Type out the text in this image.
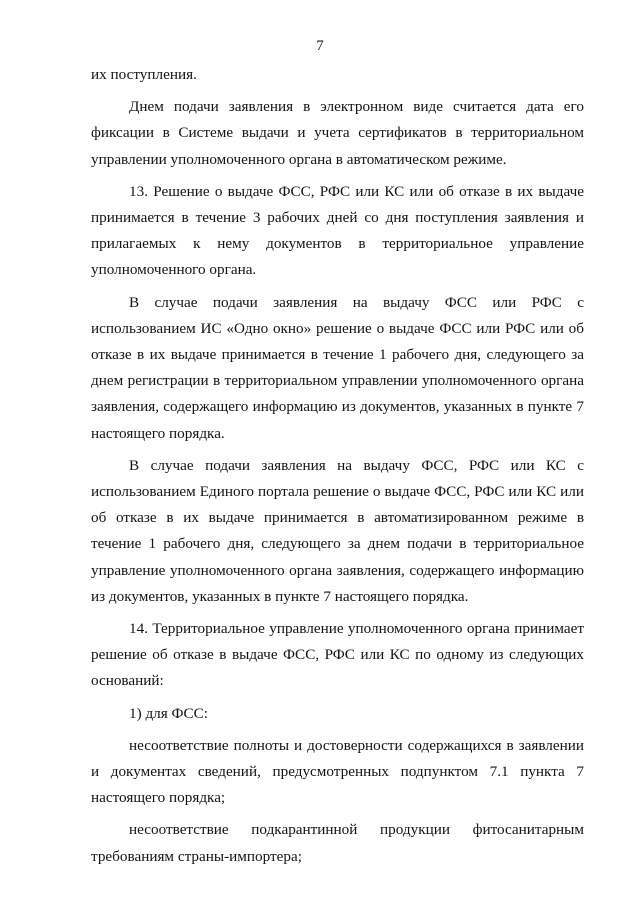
7

их поступления.

Днем подачи заявления в электронном виде считается дата его фиксации в Системе выдачи и учета сертификатов в территориальном управлении уполномоченного органа в автоматическом режиме.

13. Решение о выдаче ФСС, РФС или КС или об отказе в их выдаче принимается в течение 3 рабочих дней со дня поступления заявления и прилагаемых к нему документов в территориальное управление уполномоченного органа.

В случае подачи заявления на выдачу ФСС или РФС с использованием ИС «Одно окно» решение о выдаче ФСС или РФС или об отказе в их выдаче принимается в течение 1 рабочего дня, следующего за днем регистрации в территориальном управлении уполномоченного органа заявления, содержащего информацию из документов, указанных в пункте 7 настоящего порядка.

В случае подачи заявления на выдачу ФСС, РФС или КС с использованием Единого портала решение о выдаче ФСС, РФС или КС или об отказе в их выдаче принимается в автоматизированном режиме в течение 1 рабочего дня, следующего за днем подачи в территориальное управление уполномоченного органа заявления, содержащего информацию из документов, указанных в пункте 7 настоящего порядка.

14. Территориальное управление уполномоченного органа принимает решение об отказе в выдаче ФСС, РФС или КС по одному из следующих оснований:

1) для ФСС:

несоответствие полноты и достоверности содержащихся в заявлении и документах сведений, предусмотренных подпунктом 7.1 пункта 7 настоящего порядка;

несоответствие подкарантинной продукции фитосанитарным требованиям страны-импортера;
